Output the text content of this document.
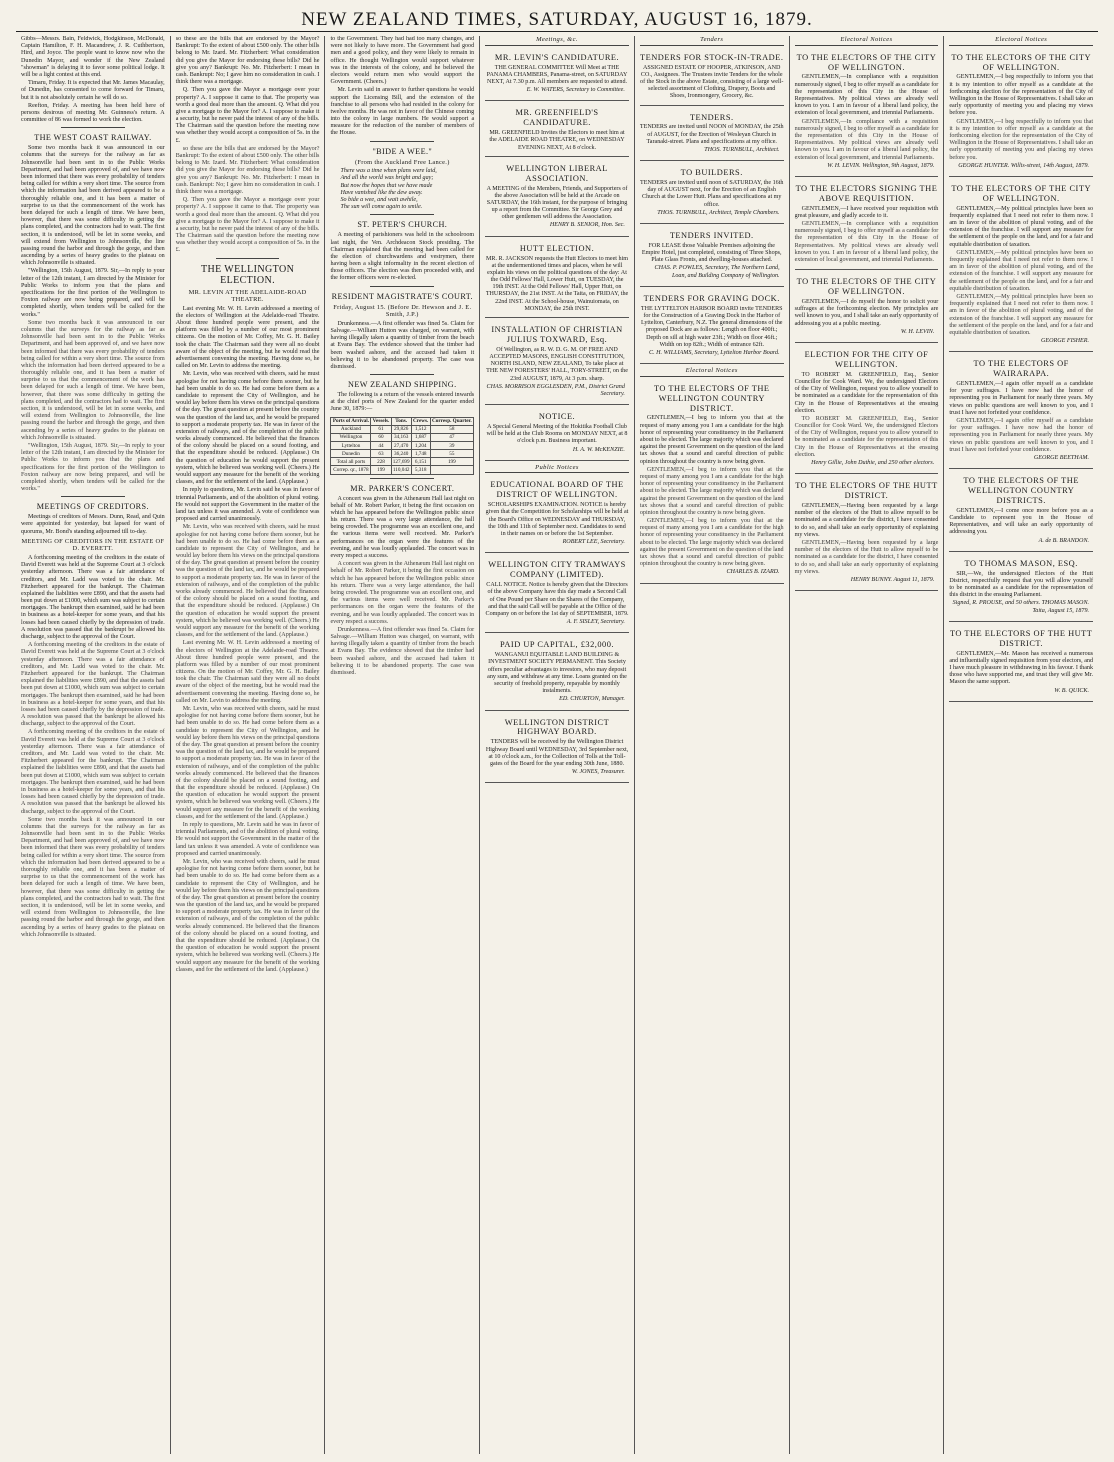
NEW ZEALAND TIMES, SATURDAY, AUGUST 16, 1879.

Gibbs—Messrs. Bain, Feldwick, Hodgkinson, McDonald, Captain Hamilton, F. H. Macandrew, J. R. Cuthbertson, Hird, and Joyce. The people want to know now who the Dunedin Mayor, and wonder if the New Zealand "showman" is delaying it to favor some political lodge. It will be a light contest at this end.

Timaru, Friday. It is expected that Mr. James Macaulay, of Dunedin, has consented to come forward for Timaru, but it is not absolutely certain he will do so.

Reefton, Friday. A meeting has been held here of persons desirous of meeting Mr. Guinness's return. A committee of 86 was formed to work the election.

THE WEST COAST RAILWAY.

Some two months back it was announced in our columns that the surveys for the railway as far as Johnsonville had been sent in to the Public Works Department, and had been approved of, and we have now been informed that there was every probability of tenders being called for within a very short time. The source from which the information had been derived appeared to be a thoroughly reliable one, and it has been a matter of surprise to us that the commencement of the work has been delayed for such a length of time. We have been, however, that there was some difficulty in getting the plans completed, and the contractors had to wait. The first section, it is understood, will be let in some weeks, and will extend from Wellington to Johnsonville, the line passing round the harbor and through the gorge, and then ascending by a series of heavy grades to the plateau on which Johnsonville is situated.

"Wellington, 15th August, 1879. Sir,—In reply to your letter of the 12th instant, I am directed by the Minister for Public Works to inform you that the plans and specifications for the first portion of the Wellington to Foxton railway are now being prepared, and will be completed shortly, when tenders will be called for the works."

Some two months back it was announced in our columns that the surveys for the railway as far as Johnsonville had been sent in to the Public Works Department, and had been approved of, and we have now been informed that there was every probability of tenders being called for within a very short time. The source from which the information had been derived appeared to be a thoroughly reliable one, and it has been a matter of surprise to us that the commencement of the work has been delayed for such a length of time. We have been, however, that there was some difficulty in getting the plans completed, and the contractors had to wait. The first section, it is understood, will be let in some weeks, and will extend from Wellington to Johnsonville, the line passing round the harbor and through the gorge, and then ascending by a series of heavy grades to the plateau on which Johnsonville is situated.

"Wellington, 15th August, 1879. Sir,—In reply to your letter of the 12th instant, I am directed by the Minister for Public Works to inform you that the plans and specifications for the first portion of the Wellington to Foxton railway are now being prepared, and will be completed shortly, when tenders will be called for the works."

MEETINGS OF CREDITORS.

Meetings of creditors of Messrs. Dunn, Read, and Quin were appointed for yesterday, but lapsed for want of quorums, Mr. Bond's standing adjourned till to-day.

MEETING OF CREDITORS IN THE ESTATE OF D. EVERETT.

A forthcoming meeting of the creditors in the estate of David Everett was held at the Supreme Court at 3 o'clock yesterday afternoon. There was a fair attendance of creditors, and Mr. Ladd was voted to the chair. Mr. Fitzherbert appeared for the bankrupt. The Chairman explained the liabilities were £890, and that the assets had been put down at £1000, which sum was subject to certain mortgages. The bankrupt then examined, said he had been in business as a hotel-keeper for some years, and that his losses had been caused chiefly by the depression of trade. A resolution was passed that the bankrupt be allowed his discharge, subject to the approval of the Court.

A forthcoming meeting of the creditors in the estate of David Everett was held at the Supreme Court at 3 o'clock yesterday afternoon. There was a fair attendance of creditors, and Mr. Ladd was voted to the chair. Mr. Fitzherbert appeared for the bankrupt. The Chairman explained the liabilities were £890, and that the assets had been put down at £1000, which sum was subject to certain mortgages. The bankrupt then examined, said he had been in business as a hotel-keeper for some years, and that his losses had been caused chiefly by the depression of trade. A resolution was passed that the bankrupt be allowed his discharge, subject to the approval of the Court.

A forthcoming meeting of the creditors in the estate of David Everett was held at the Supreme Court at 3 o'clock yesterday afternoon. There was a fair attendance of creditors, and Mr. Ladd was voted to the chair. Mr. Fitzherbert appeared for the bankrupt. The Chairman explained the liabilities were £890, and that the assets had been put down at £1000, which sum was subject to certain mortgages. The bankrupt then examined, said he had been in business as a hotel-keeper for some years, and that his losses had been caused chiefly by the depression of trade. A resolution was passed that the bankrupt be allowed his discharge, subject to the approval of the Court.

Some two months back it was announced in our columns that the surveys for the railway as far as Johnsonville had been sent in to the Public Works Department, and had been approved of, and we have now been informed that there was every probability of tenders being called for within a very short time. The source from which the information had been derived appeared to be a thoroughly reliable one, and it has been a matter of surprise to us that the commencement of the work has been delayed for such a length of time. We have been, however, that there was some difficulty in getting the plans completed, and the contractors had to wait. The first section, it is understood, will be let in some weeks, and will extend from Wellington to Johnsonville, the line passing round the harbor and through the gorge, and then ascending by a series of heavy grades to the plateau on which Johnsonville is situated.

so these are the bills that are endorsed by the Mayor? Bankrupt: To the extent of about £500 only. The other bills belong to Mr. Izard. Mr. Fitzherbert: What consideration did you give the Mayor for endorsing these bills? Did he give you any? Bankrupt: No. Mr. Fitzherbert: I mean in cash. Bankrupt: No; I gave him no consideration in cash. I think there was a mortgage.

Q. Then you gave the Mayor a mortgage over your property? A. I suppose it came to that. The property was worth a good deal more than the amount. Q. What did you give a mortgage to the Mayor for? A. I suppose to make it a security, but he never paid the interest of any of the bills. The Chairman said the question before the meeting now was whether they would accept a composition of 5s. in the £.

so these are the bills that are endorsed by the Mayor? Bankrupt: To the extent of about £500 only. The other bills belong to Mr. Izard. Mr. Fitzherbert: What consideration did you give the Mayor for endorsing these bills? Did he give you any? Bankrupt: No. Mr. Fitzherbert: I mean in cash. Bankrupt: No; I gave him no consideration in cash. I think there was a mortgage.

Q. Then you gave the Mayor a mortgage over your property? A. I suppose it came to that. The property was worth a good deal more than the amount. Q. What did you give a mortgage to the Mayor for? A. I suppose to make it a security, but he never paid the interest of any of the bills. The Chairman said the question before the meeting now was whether they would accept a composition of 5s. in the £.

THE WELLINGTON ELECTION.
MR. LEVIN AT THE ADELAIDE-ROAD THEATRE.

Last evening Mr. W. H. Levin addressed a meeting of the electors of Wellington at the Adelaide-road Theatre. About three hundred people were present, and the platform was filled by a number of our most prominent citizens. On the motion of Mr. Coffey, Mr. G. H. Bailey took the chair. The Chairman said they were all no doubt aware of the object of the meeting, but he would read the advertisement convening the meeting. Having done so, he called on Mr. Levin to address the meeting.

Mr. Levin, who was received with cheers, said he must apologise for not having come before them sooner, but he had been unable to do so. He had come before them as a candidate to represent the City of Wellington, and he would lay before them his views on the principal questions of the day. The great question at present before the country was the question of the land tax, and he would be prepared to support a moderate property tax. He was in favor of the extension of railways, and of the completion of the public works already commenced. He believed that the finances of the colony should be placed on a sound footing, and that the expenditure should be reduced. (Applause.) On the question of education he would support the present system, which he believed was working well. (Cheers.) He would support any measure for the benefit of the working classes, and for the settlement of the land. (Applause.)

In reply to questions, Mr. Levin said he was in favor of triennial Parliaments, and of the abolition of plural voting. He would not support the Government in the matter of the land tax unless it was amended. A vote of confidence was proposed and carried unanimously.

Mr. Levin, who was received with cheers, said he must apologise for not having come before them sooner, but he had been unable to do so. He had come before them as a candidate to represent the City of Wellington, and he would lay before them his views on the principal questions of the day. The great question at present before the country was the question of the land tax, and he would be prepared to support a moderate property tax. He was in favor of the extension of railways, and of the completion of the public works already commenced. He believed that the finances of the colony should be placed on a sound footing, and that the expenditure should be reduced. (Applause.) On the question of education he would support the present system, which he believed was working well. (Cheers.) He would support any measure for the benefit of the working classes, and for the settlement of the land. (Applause.)

Last evening Mr. W. H. Levin addressed a meeting of the electors of Wellington at the Adelaide-road Theatre. About three hundred people were present, and the platform was filled by a number of our most prominent citizens. On the motion of Mr. Coffey, Mr. G. H. Bailey took the chair. The Chairman said they were all no doubt aware of the object of the meeting, but he would read the advertisement convening the meeting. Having done so, he called on Mr. Levin to address the meeting.

Mr. Levin, who was received with cheers, said he must apologise for not having come before them sooner, but he had been unable to do so. He had come before them as a candidate to represent the City of Wellington, and he would lay before them his views on the principal questions of the day. The great question at present before the country was the question of the land tax, and he would be prepared to support a moderate property tax. He was in favor of the extension of railways, and of the completion of the public works already commenced. He believed that the finances of the colony should be placed on a sound footing, and that the expenditure should be reduced. (Applause.) On the question of education he would support the present system, which he believed was working well. (Cheers.) He would support any measure for the benefit of the working classes, and for the settlement of the land. (Applause.)

In reply to questions, Mr. Levin said he was in favor of triennial Parliaments, and of the abolition of plural voting. He would not support the Government in the matter of the land tax unless it was amended. A vote of confidence was proposed and carried unanimously.

Mr. Levin, who was received with cheers, said he must apologise for not having come before them sooner, but he had been unable to do so. He had come before them as a candidate to represent the City of Wellington, and he would lay before them his views on the principal questions of the day. The great question at present before the country was the question of the land tax, and he would be prepared to support a moderate property tax. He was in favor of the extension of railways, and of the completion of the public works already commenced. He believed that the finances of the colony should be placed on a sound footing, and that the expenditure should be reduced. (Applause.) On the question of education he would support the present system, which he believed was working well. (Cheers.) He would support any measure for the benefit of the working classes, and for the settlement of the land. (Applause.)

to the Government. They had had too many changes, and were not likely to have more. The Government had good men and a good policy, and they were likely to remain in office. He thought Wellington would support whatever was in the interests of the colony, and he believed the electors would return men who would support the Government. (Cheers.)

Mr. Levin said in answer to further questions he would support the Licensing Bill, and the extension of the franchise to all persons who had resided in the colony for twelve months. He was not in favor of the Chinese coming into the colony in large numbers. He would support a measure for the reduction of the number of members of the House.

"BIDE A WEE."
(From the Auckland Free Lance.)
There was a time when plans were laid,
And all the world was bright and gay;
But now the hopes that we have made
Have vanished like the dew away.
So bide a wee, and wait awhile,
The sun will come again to smile.
ST. PETER'S CHURCH.

A meeting of parishioners was held in the schoolroom last night, the Ven. Archdeacon Stock presiding. The Chairman explained that the meeting had been called for the election of churchwardens and vestrymen, there having been a slight informality in the recent election of those officers. The election was then proceeded with, and the former officers were re-elected.

RESIDENT MAGISTRATE'S COURT.
Friday, August 15. (Before Dr. Hewson and J. E. Smith, J.P.)

Drunkenness.—A first offender was fined 5s. Claim for Salvage.—William Hutton was charged, on warrant, with having illegally taken a quantity of timber from the beach at Evans Bay. The evidence showed that the timber had been washed ashore, and the accused had taken it believing it to be abandoned property. The case was dismissed.

NEW ZEALAND SHIPPING.

The following is a return of the vessels entered inwards at the chief ports of New Zealand for the quarter ended June 30, 1879:—

Ports of Arrival.	Vessels.	Tons.	Crews.	Corresp. Quarter.
Auckland	61	29,826	1,512	58
Wellington	60	34,163	1,687	47
Lyttelton	44	27,470	1,204	39
Dunedin	63	36,240	1,748	55
Total all ports	228	127,699	6,151	199
Correp. qr., 1878	199	110,042	5,318	
MR. PARKER'S CONCERT.

A concert was given in the Athenæum Hall last night on behalf of Mr. Robert Parker, it being the first occasion on which he has appeared before the Wellington public since his return. There was a very large attendance, the hall being crowded. The programme was an excellent one, and the various items were well received. Mr. Parker's performances on the organ were the features of the evening, and he was loudly applauded. The concert was in every respect a success.

A concert was given in the Athenæum Hall last night on behalf of Mr. Robert Parker, it being the first occasion on which he has appeared before the Wellington public since his return. There was a very large attendance, the hall being crowded. The programme was an excellent one, and the various items were well received. Mr. Parker's performances on the organ were the features of the evening, and he was loudly applauded. The concert was in every respect a success.

Drunkenness.—A first offender was fined 5s. Claim for Salvage.—William Hutton was charged, on warrant, with having illegally taken a quantity of timber from the beach at Evans Bay. The evidence showed that the timber had been washed ashore, and the accused had taken it believing it to be abandoned property. The case was dismissed.

Meetings, &c.
MR. LEVIN'S CANDIDATURE.
THE GENERAL COMMITTEE Will Meet at THE PANAMA CHAMBERS, Panama-street, on SATURDAY NEXT, At 7.30 p.m. All members are requested to attend.
E. W. WATERS, Secretary to Committee.
MR. GREENFIELD'S CANDIDATURE.
MR. GREENFIELD Invites the Electors to meet him at the ADELAIDE ROAD THEATRE, on WEDNESDAY EVENING NEXT, At 8 o'clock.
WELLINGTON LIBERAL ASSOCIATION.
A MEETING of the Members, Friends, and Supporters of the above Association will be held at the Arcade on SATURDAY, the 16th instant, for the purpose of bringing up a report from the Committee. Sir George Grey and other gentlemen will address the Association.
HENRY B. SENIOR, Hon. Sec.
HUTT ELECTION.
MR. R. JACKSON requests the Hutt Electors to meet him at the undermentioned times and places, when he will explain his views on the political questions of the day: At the Odd Fellows' Hall, Lower Hutt, on TUESDAY, the 19th INST. At the Odd Fellows' Hall, Upper Hutt, on THURSDAY, the 21st INST. At the Taita, on FRIDAY, the 22nd INST. At the School-house, Wainuiomata, on MONDAY, the 25th INST.
INSTALLATION OF CHRISTIAN JULIUS TOXWARD, Esq.
Of Wellington, as R. W. D. G. M. OF FREE AND ACCEPTED MASONS, ENGLISH CONSTITUTION, NORTH ISLAND, NEW ZEALAND, To take place at THE NEW FORESTERS' HALL, TORY-STREET, on the 23rd AUGUST, 1879, At 3 p.m. sharp.
CHAS. MORRISON EGGLESDEN, P.M., District Grand Secretary.
NOTICE.
A Special General Meeting of the Hokitika Football Club will be held at the Club Rooms on MONDAY NEXT, at 8 o'clock p.m. Business important.
H. A. W. McKENZIE.
Public Notices
EDUCATIONAL BOARD OF THE DISTRICT OF WELLINGTON.
SCHOLARSHIPS EXAMINATION. NOTICE is hereby given that the Competition for Scholarships will be held at the Board's Office on WEDNESDAY and THURSDAY, the 10th and 11th of September next. Candidates to send in their names on or before the 1st September.
ROBERT LEE, Secretary.
WELLINGTON CITY TRAMWAYS COMPANY (LIMITED).
CALL NOTICE. Notice is hereby given that the Directors of the above Company have this day made a Second Call of One Pound per Share on the Shares of the Company, and that the said Call will be payable at the Office of the Company on or before the 1st day of SEPTEMBER, 1879.
A. F. SISLEY, Secretary.
PAID UP CAPITAL, £32,000.
WANGANUI EQUITABLE LAND BUILDING & INVESTMENT SOCIETY PERMANENT. This Society offers peculiar advantages to investors, who may deposit any sum, and withdraw at any time. Loans granted on the security of freehold property, repayable by monthly instalments.
ED. CHURTON, Manager.
WELLINGTON DISTRICT HIGHWAY BOARD.
TENDERS will be received by the Wellington District Highway Board until WEDNESDAY, 3rd September next, at 10 o'clock a.m., for the Collection of Tolls at the Toll-gates of the Board for the year ending 30th June, 1880.
W. JONES, Treasurer.
Tenders
TENDERS FOR STOCK-IN-TRADE.
ASSIGNED ESTATE OF HOOPER, ATKINSON, AND CO., Assignees. The Trustees invite Tenders for the whole of the Stock in the above Estate, consisting of a large well-selected assortment of Clothing, Drapery, Boots and Shoes, Ironmongery, Grocery, &c.
TENDERS.
TENDERS are invited until NOON of MONDAY, the 25th of AUGUST, for the Erection of Wesleyan Church in Taranaki-street. Plans and specifications at my office.
THOS. TURNBULL, Architect.
TO BUILDERS.
TENDERS are invited until noon of SATURDAY, the 16th day of AUGUST next, for the Erection of an English Church at the Lower Hutt. Plans and specifications at my office.
THOS. TURNBULL, Architect, Temple Chambers.
TENDERS INVITED.
FOR LEASE those Valuable Premises adjoining the Empire Hotel, just completed, consisting of Three Shops, Plate Glass Fronts, and dwelling-houses attached.
CHAS. P. POWLES, Secretary, The Northern Land, Loan, and Building Company of Wellington.
TENDERS FOR GRAVING DOCK.
THE LYTTELTON HARBOR BOARD invite TENDERS for the Construction of a Graving Dock in the Harbor of Lyttelton, Canterbury, N.Z. The general dimensions of the proposed Dock are as follows: Length on floor 400ft.; Depth on sill at high water 23ft.; Width on floor 46ft.; Width on top 82ft.; Width of entrance 62ft.
C. H. WILLIAMS, Secretary, Lyttelton Harbor Board.
Electoral Notices
TO THE ELECTORS OF THE WELLINGTON COUNTRY DISTRICT.

GENTLEMEN,—I beg to inform you that at the request of many among you I am a candidate for the high honor of representing your constituency in the Parliament about to be elected. The large majority which was declared against the present Government on the question of the land tax shows that a sound and careful direction of public opinion throughout the country is now being given.

GENTLEMEN,—I beg to inform you that at the request of many among you I am a candidate for the high honor of representing your constituency in the Parliament about to be elected. The large majority which was declared against the present Government on the question of the land tax shows that a sound and careful direction of public opinion throughout the country is now being given.

GENTLEMEN,—I beg to inform you that at the request of many among you I am a candidate for the high honor of representing your constituency in the Parliament about to be elected. The large majority which was declared against the present Government on the question of the land tax shows that a sound and careful direction of public opinion throughout the country is now being given.

CHARLES B. IZARD.
Electoral Notices
TO THE ELECTORS OF THE CITY OF WELLINGTON.

GENTLEMEN,—In compliance with a requisition numerously signed, I beg to offer myself as a candidate for the representation of this City in the House of Representatives. My political views are already well known to you. I am in favour of a liberal land policy, the extension of local government, and triennial Parliaments.

GENTLEMEN,—In compliance with a requisition numerously signed, I beg to offer myself as a candidate for the representation of this City in the House of Representatives. My political views are already well known to you. I am in favour of a liberal land policy, the extension of local government, and triennial Parliaments.

W. H. LEVIN. Wellington, 9th August, 1879.
TO THE ELECTORS SIGNING THE ABOVE REQUISITION.

GENTLEMEN,—I have received your requisition with great pleasure, and gladly accede to it.

GENTLEMEN,—In compliance with a requisition numerously signed, I beg to offer myself as a candidate for the representation of this City in the House of Representatives. My political views are already well known to you. I am in favour of a liberal land policy, the extension of local government, and triennial Parliaments.

TO THE ELECTORS OF THE CITY OF WELLINGTON.

GENTLEMEN,—I do myself the honor to solicit your suffrages at the forthcoming election. My principles are well known to you, and I shall take an early opportunity of addressing you at a public meeting.

W. H. LEVIN.
ELECTION FOR THE CITY OF WELLINGTON.

TO ROBERT M. GREENFIELD, Esq., Senior Councillor for Cook Ward. We, the undersigned Electors of the City of Wellington, request you to allow yourself to be nominated as a candidate for the representation of this City in the House of Representatives at the ensuing election.

TO ROBERT M. GREENFIELD, Esq., Senior Councillor for Cook Ward. We, the undersigned Electors of the City of Wellington, request you to allow yourself to be nominated as a candidate for the representation of this City in the House of Representatives at the ensuing election.

Henry Gillie, John Duthie, and 250 other electors.
TO THE ELECTORS OF THE HUTT DISTRICT.

GENTLEMEN,—Having been requested by a large number of the electors of the Hutt to allow myself to be nominated as a candidate for the district, I have consented to do so, and shall take an early opportunity of explaining my views.

GENTLEMEN,—Having been requested by a large number of the electors of the Hutt to allow myself to be nominated as a candidate for the district, I have consented to do so, and shall take an early opportunity of explaining my views.

HENRY BUNNY. August 11, 1879.
Electoral Notices
TO THE ELECTORS OF THE CITY OF WELLINGTON.

GENTLEMEN,—I beg respectfully to inform you that it is my intention to offer myself as a candidate at the forthcoming election for the representation of the City of Wellington in the House of Representatives. I shall take an early opportunity of meeting you and placing my views before you.

GENTLEMEN,—I beg respectfully to inform you that it is my intention to offer myself as a candidate at the forthcoming election for the representation of the City of Wellington in the House of Representatives. I shall take an early opportunity of meeting you and placing my views before you.

GEORGE HUNTER. Willis-street, 14th August, 1879.
TO THE ELECTORS OF THE CITY OF WELLINGTON.

GENTLEMEN,—My political principles have been so frequently explained that I need not refer to them now. I am in favor of the abolition of plural voting, and of the extension of the franchise. I will support any measure for the settlement of the people on the land, and for a fair and equitable distribution of taxation.

GENTLEMEN,—My political principles have been so frequently explained that I need not refer to them now. I am in favor of the abolition of plural voting, and of the extension of the franchise. I will support any measure for the settlement of the people on the land, and for a fair and equitable distribution of taxation.

GENTLEMEN,—My political principles have been so frequently explained that I need not refer to them now. I am in favor of the abolition of plural voting, and of the extension of the franchise. I will support any measure for the settlement of the people on the land, and for a fair and equitable distribution of taxation.

GEORGE FISHER.
TO THE ELECTORS OF WAIRARAPA.

GENTLEMEN,—I again offer myself as a candidate for your suffrages. I have now had the honor of representing you in Parliament for nearly three years. My views on public questions are well known to you, and I trust I have not forfeited your confidence.

GENTLEMEN,—I again offer myself as a candidate for your suffrages. I have now had the honor of representing you in Parliament for nearly three years. My views on public questions are well known to you, and I trust I have not forfeited your confidence.

GEORGE BEETHAM.
TO THE ELECTORS OF THE WELLINGTON COUNTRY DISTRICTS.

GENTLEMEN,—I come once more before you as a Candidate to represent you in the House of Representatives, and will take an early opportunity of addressing you.

A. de B. BRANDON.
TO THOMAS MASON, ESQ.

SIR,—We, the undersigned Electors of the Hutt District, respectfully request that you will allow yourself to be nominated as a candidate for the representation of this district in the ensuing Parliament.

Signed, R. PROUSE, and 50 others. THOMAS MASON. Taita, August 15, 1879.
TO THE ELECTORS OF THE HUTT DISTRICT.

GENTLEMEN,—Mr. Mason has received a numerous and influentially signed requisition from your electors, and I have much pleasure in withdrawing in his favour. I thank those who have supported me, and trust they will give Mr. Mason the same support.

W. B. QUICK.
